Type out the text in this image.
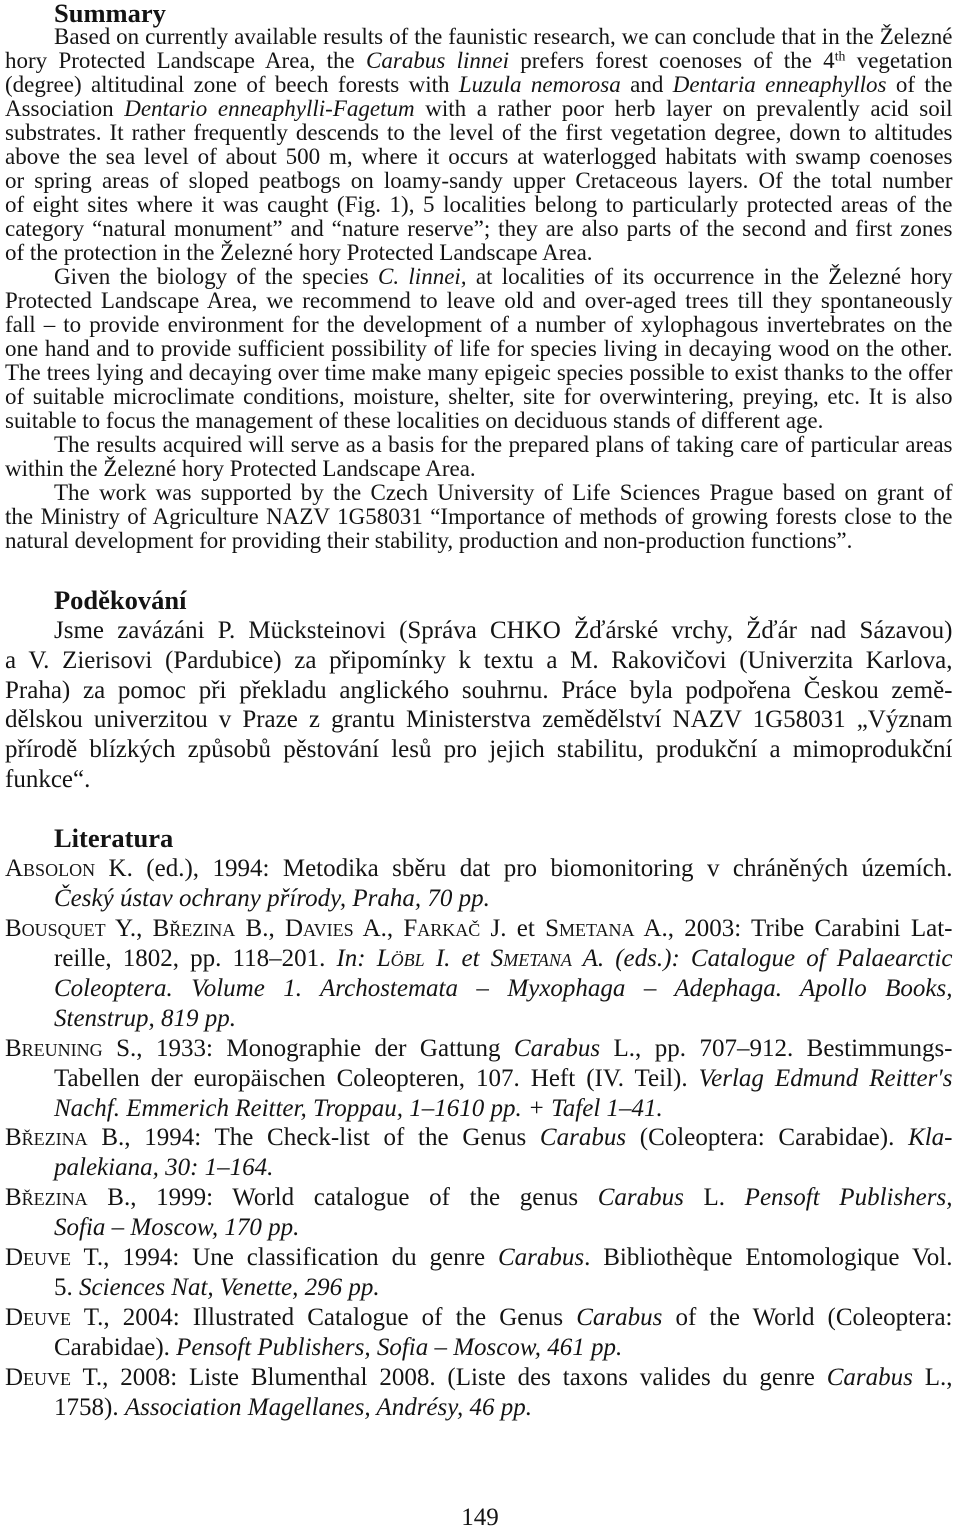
Summary
Based on currently available results of the faunistic research, we can conclude that in the Železné
hory Protected Landscape Area, the Carabus linnei prefers forest coenoses of the 4th vegetation
(degree) altitudinal zone of beech forests with Luzula nemorosa and Dentaria enneaphyllos of the
Association Dentario enneaphylli-Fagetum with a rather poor herb layer on prevalently acid soil
substrates. It rather frequently descends to the level of the first vegetation degree, down to altitudes
above the sea level of about 500 m, where it occurs at waterlogged habitats with swamp coenoses
or spring areas of sloped peatbogs on loamy-sandy upper Cretaceous layers. Of the total number
of eight sites where it was caught (Fig. 1), 5 localities belong to particularly protected areas of the
category “natural monument” and “nature reserve”; they are also parts of the second and first zones
of the protection in the Železné hory Protected Landscape Area.
Given the biology of the species C. linnei, at localities of its occurrence in the Železné hory
Protected Landscape Area, we recommend to leave old and over-aged trees till they spontaneously
fall – to provide environment for the development of a number of xylophagous invertebrates on the
one hand and to provide sufficient possibility of life for species living in decaying wood on the other.
The trees lying and decaying over time make many epigeic species possible to exist thanks to the offer
of suitable microclimate conditions, moisture, shelter, site for overwintering, preying, etc. It is also
suitable to focus the management of these localities on deciduous stands of different age.
The results acquired will serve as a basis for the prepared plans of taking care of particular areas
within the Železné hory Protected Landscape Area.
The work was supported by the Czech University of Life Sciences Prague based on grant of
the Ministry of Agriculture NAZV 1G58031 “Importance of methods of growing forests close to the
natural development for providing their stability, production and non-production functions”.
Poděkování
Jsme zavázáni P. Mücksteinovi (Správa CHKO Žďárské vrchy, Žďár nad Sázavou)
a V. Zierisovi (Pardubice) za připomínky k textu a M. Rakovičovi (Univerzita Karlova,
Praha) za pomoc při překladu anglického souhrnu. Práce byla podpořena Českou země-
dělskou univerzitou v Praze z grantu Ministerstva zemědělství NAZV 1G58031 „Význam
přírodě blízkých způsobů pěstování lesů pro jejich stabilitu, produkční a mimoprodukční
funkce“.
Literatura
Absolon K. (ed.), 1994: Metodika sběru dat pro biomonitoring v chráněných územích.
Český ústav ochrany přírody, Praha, 70 pp.
Bousquet Y., Březina B., Davies A., Farkač J. et Smetana A., 2003: Tribe Carabini Lat-
reille, 1802, pp. 118–201. In: Löbl I. et Smetana A. (eds.): Catalogue of Palaearctic
Coleoptera. Volume 1. Archostemata – Myxophaga – Adephaga. Apollo Books,
Stenstrup, 819 pp.
Breuning S., 1933: Monographie der Gattung Carabus L., pp. 707–912. Bestimmungs-
Tabellen der europäischen Coleopteren, 107. Heft (IV. Teil). Verlag Edmund Reitter′s
Nachf. Emmerich Reitter, Troppau, 1–1610 pp. + Tafel 1–41.
Březina B., 1994: The Check-list of the Genus Carabus (Coleoptera: Carabidae). Kla-
palekiana, 30: 1–164.
Březina B., 1999: World catalogue of the genus Carabus L. Pensoft Publishers,
Sofia – Moscow, 170 pp.
Deuve T., 1994: Une classification du genre Carabus. Bibliothèque Entomologique Vol.
5. Sciences Nat, Venette, 296 pp.
Deuve T., 2004: Illustrated Catalogue of the Genus Carabus of the World (Coleoptera:
Carabidae). Pensoft Publishers, Sofia – Moscow, 461 pp.
Deuve T., 2008: Liste Blumenthal 2008. (Liste des taxons valides du genre Carabus L.,
1758). Association Magellanes, Andrésy, 46 pp.
149
